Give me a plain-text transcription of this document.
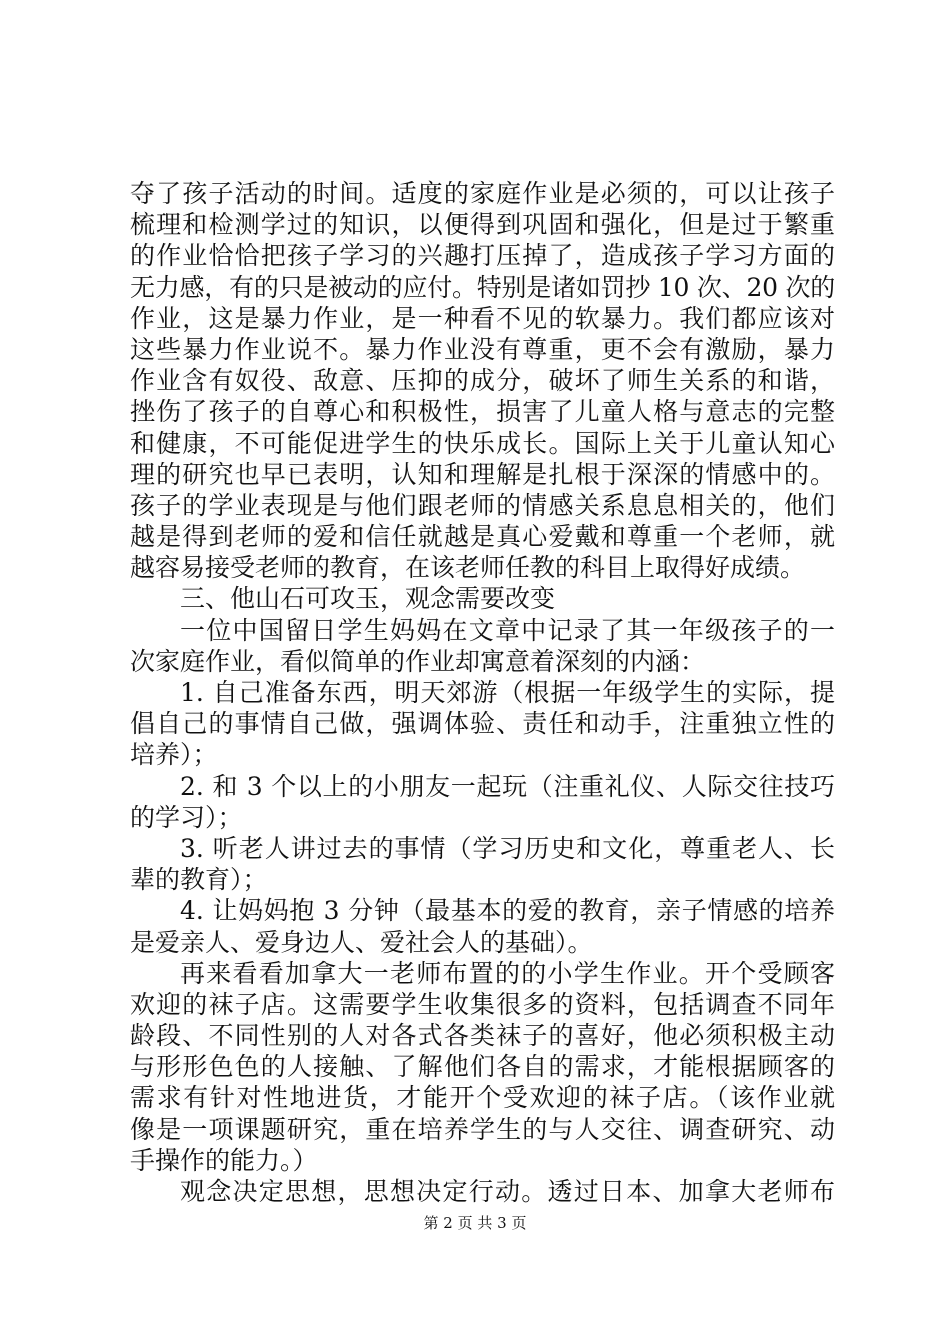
夺了孩子活动的时间。适度的家庭作业是必须的，可以让孩子
梳理和检测学过的知识，以便得到巩固和强化，但是过于繁重
的作业恰恰把孩子学习的兴趣打压掉了，造成孩子学习方面的
无力感，有的只是被动的应付。特别是诸如罚抄 10 次、20 次的
作业，这是暴力作业，是一种看不见的软暴力。我们都应该对
这些暴力作业说不。暴力作业没有尊重，更不会有激励，暴力
作业含有奴役、敌意、压抑的成分，破坏了师生关系的和谐，
挫伤了孩子的自尊心和积极性，损害了儿童人格与意志的完整
和健康，不可能促进学生的快乐成长。国际上关于儿童认知心
理的研究也早已表明，认知和理解是扎根于深深的情感中的。
孩子的学业表现是与他们跟老师的情感关系息息相关的，他们
越是得到老师的爱和信任就越是真心爱戴和尊重一个老师，就
越容易接受老师的教育，在该老师任教的科目上取得好成绩。
三、他山石可攻玉，观念需要改变
一位中国留日学生妈妈在文章中记录了其一年级孩子的一
次家庭作业，看似简单的作业却寓意着深刻的内涵：
1. 自己准备东西，明天郊游（根据一年级学生的实际，提
倡自己的事情自己做，强调体验、责任和动手，注重独立性的
培养）；
2. 和 3 个以上的小朋友一起玩（注重礼仪、人际交往技巧
的学习）；
3. 听老人讲过去的事情（学习历史和文化，尊重老人、长
辈的教育）；
4. 让妈妈抱 3 分钟（最基本的爱的教育，亲子情感的培养
是爱亲人、爱身边人、爱社会人的基础）。
再来看看加拿大一老师布置的的小学生作业。开个受顾客
欢迎的袜子店。这需要学生收集很多的资料，包括调查不同年
龄段、不同性别的人对各式各类袜子的喜好，他必须积极主动
与形形色色的人接触、了解他们各自的需求，才能根据顾客的
需求有针对性地进货，才能开个受欢迎的袜子店。（该作业就
像是一项课题研究，重在培养学生的与人交往、调查研究、动
手操作的能力。）
观念决定思想，思想决定行动。透过日本、加拿大老师布
第 2 页 共 3 页
